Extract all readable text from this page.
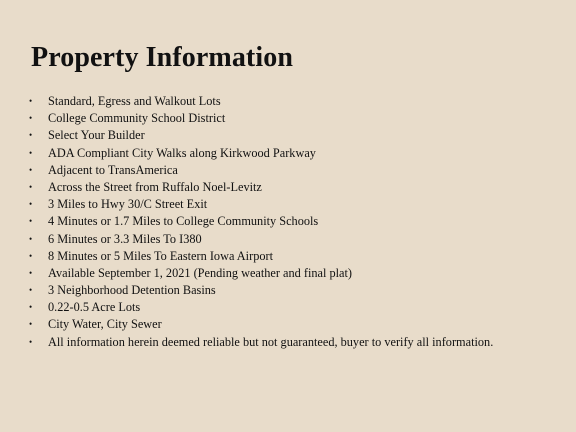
Property Information
• Standard, Egress and Walkout Lots
• College Community School District
• Select Your Builder
• ADA Compliant City Walks along Kirkwood Parkway
• Adjacent to TransAmerica
• Across the Street from Ruffalo Noel-Levitz
• 3 Miles to Hwy 30/C Street Exit
• 4 Minutes or 1.7 Miles to College Community Schools
• 6 Minutes or 3.3 Miles To I380
• 8 Minutes or 5 Miles To Eastern Iowa Airport
• Available September 1, 2021 (Pending weather and final plat)
• 3 Neighborhood Detention Basins
• 0.22-0.5 Acre Lots
• City Water, City Sewer
• All information herein deemed reliable but not guaranteed, buyer to verify all information.
